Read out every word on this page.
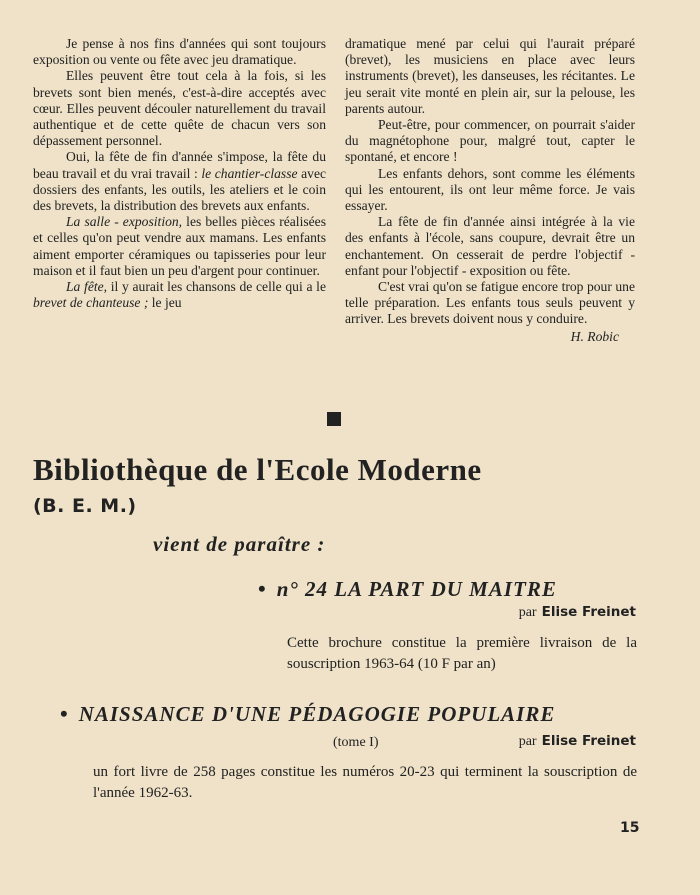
Je pense à nos fins d'années qui sont toujours exposition ou vente ou fête avec jeu dramatique.

Elles peuvent être tout cela à la fois, si les brevets sont bien menés, c'est-à-dire acceptés avec cœur. Elles peuvent découler naturellement du travail authentique et de cette quête de chacun vers son dépassement personnel.

Oui, la fête de fin d'année s'impose, la fête du beau travail et du vrai travail : le chantier-classe avec dossiers des enfants, les outils, les ateliers et le coin des brevets, la distribution des brevets aux enfants.

La salle - exposition, les belles pièces réalisées et celles qu'on peut vendre aux mamans. Les enfants aiment emporter céramiques ou tapisseries pour leur maison et il faut bien un peu d'argent pour continuer.

La fête, il y aurait les chansons de celle qui a le brevet de chanteuse ; le jeu

dramatique mené par celui qui l'aurait préparé (brevet), les musiciens en place avec leurs instruments (brevet), les danseuses, les récitantes. Le jeu serait vite monté en plein air, sur la pelouse, les parents autour.

Peut-être, pour commencer, on pourrait s'aider du magnétophone pour, malgré tout, capter le spontané, et encore !

Les enfants dehors, sont comme les éléments qui les entourent, ils ont leur même force. Je vais essayer.

La fête de fin d'année ainsi intégrée à la vie des enfants à l'école, sans coupure, devrait être un enchantement. On cesserait de perdre l'objectif - enfant pour l'objectif - exposition ou fête.

C'est vrai qu'on se fatigue encore trop pour une telle préparation. Les enfants tous seuls peuvent y arriver. Les brevets doivent nous y conduire.

H. Robic
Bibliothèque de l'Ecole Moderne
(B. E. M.)
vient de paraître :
• n° 24 LA PART DU MAITRE
par Elise Freinet

Cette brochure constitue la première livraison de la souscription 1963-64 (10 F par an)

• NAISSANCE D'UNE PÉDAGOGIE POPULAIRE

(tome I)	par Elise Freinet

un fort livre de 258 pages constitue les numéros 20-23 qui terminent la souscription de l'année 1962-63.

15
